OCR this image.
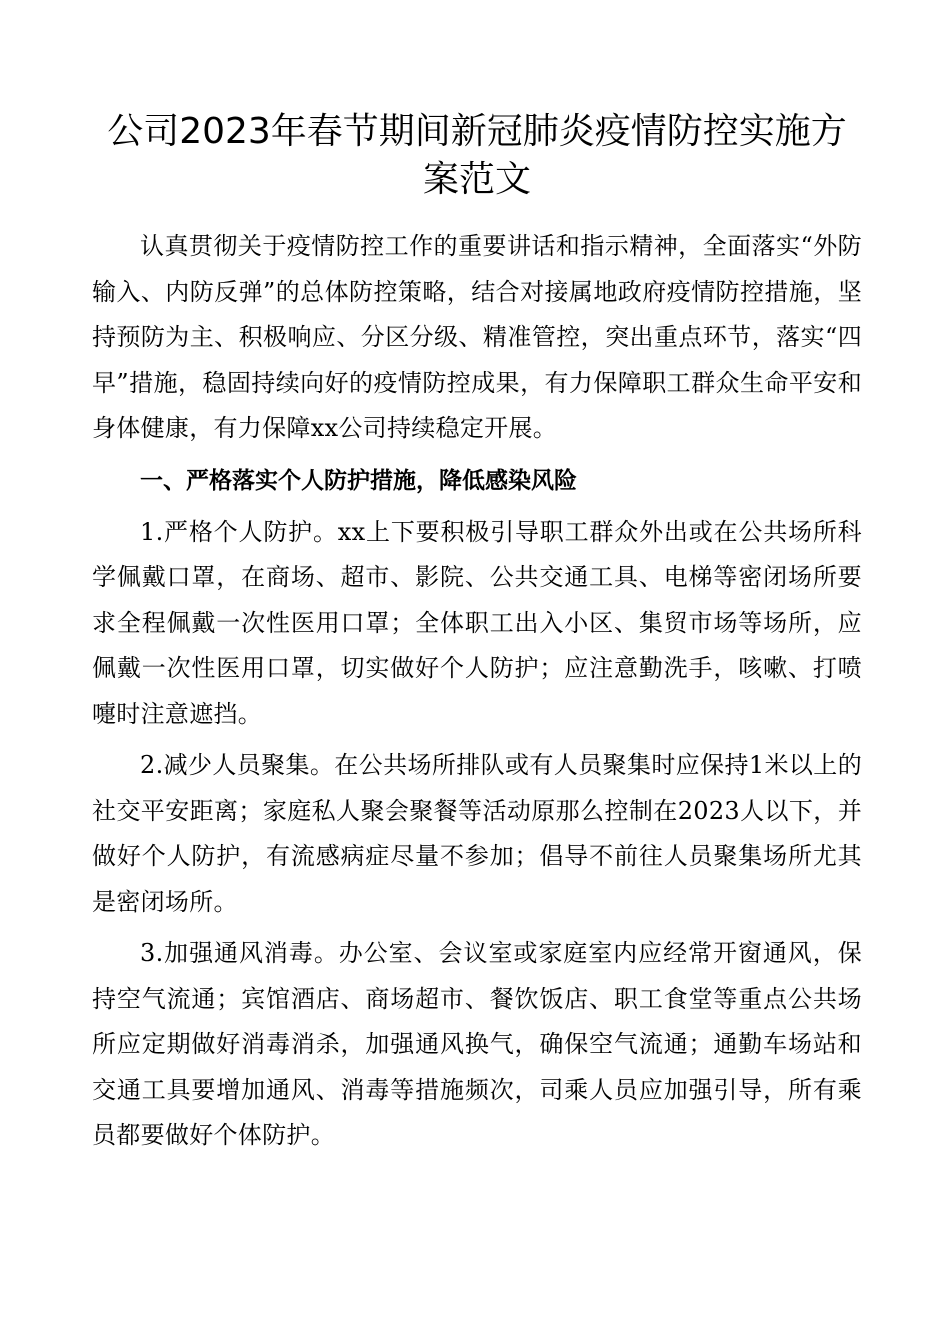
公司2023年春节期间新冠肺炎疫情防控实施方案范文

认真贯彻关于疫情防控工作的重要讲话和指示精神，全面落实“外防输入、内防反弹”的总体防控策略，结合对接属地政府疫情防控措施，坚持预防为主、积极响应、分区分级、精准管控，突出重点环节，落实“四早”措施，稳固持续向好的疫情防控成果，有力保障职工群众生命平安和身体健康，有力保障xx公司持续稳定开展。

一、严格落实个人防护措施，降低感染风险

1.严格个人防护。xx上下要积极引导职工群众外出或在公共场所科学佩戴口罩，在商场、超市、影院、公共交通工具、电梯等密闭场所要求全程佩戴一次性医用口罩；全体职工出入小区、集贸市场等场所，应佩戴一次性医用口罩，切实做好个人防护；应注意勤洗手，咳嗽、打喷嚏时注意遮挡。

2.减少人员聚集。在公共场所排队或有人员聚集时应保持1米以上的社交平安距离；家庭私人聚会聚餐等活动原那么控制在2023人以下，并做好个人防护，有流感病症尽量不参加；倡导不前往人员聚集场所尤其是密闭场所。

3.加强通风消毒。办公室、会议室或家庭室内应经常开窗通风，保持空气流通；宾馆酒店、商场超市、餐饮饭店、职工食堂等重点公共场所应定期做好消毒消杀，加强通风换气，确保空气流通；通勤车场站和交通工具要增加通风、消毒等措施频次，司乘人员应加强引导，所有乘员都要做好个体防护。
